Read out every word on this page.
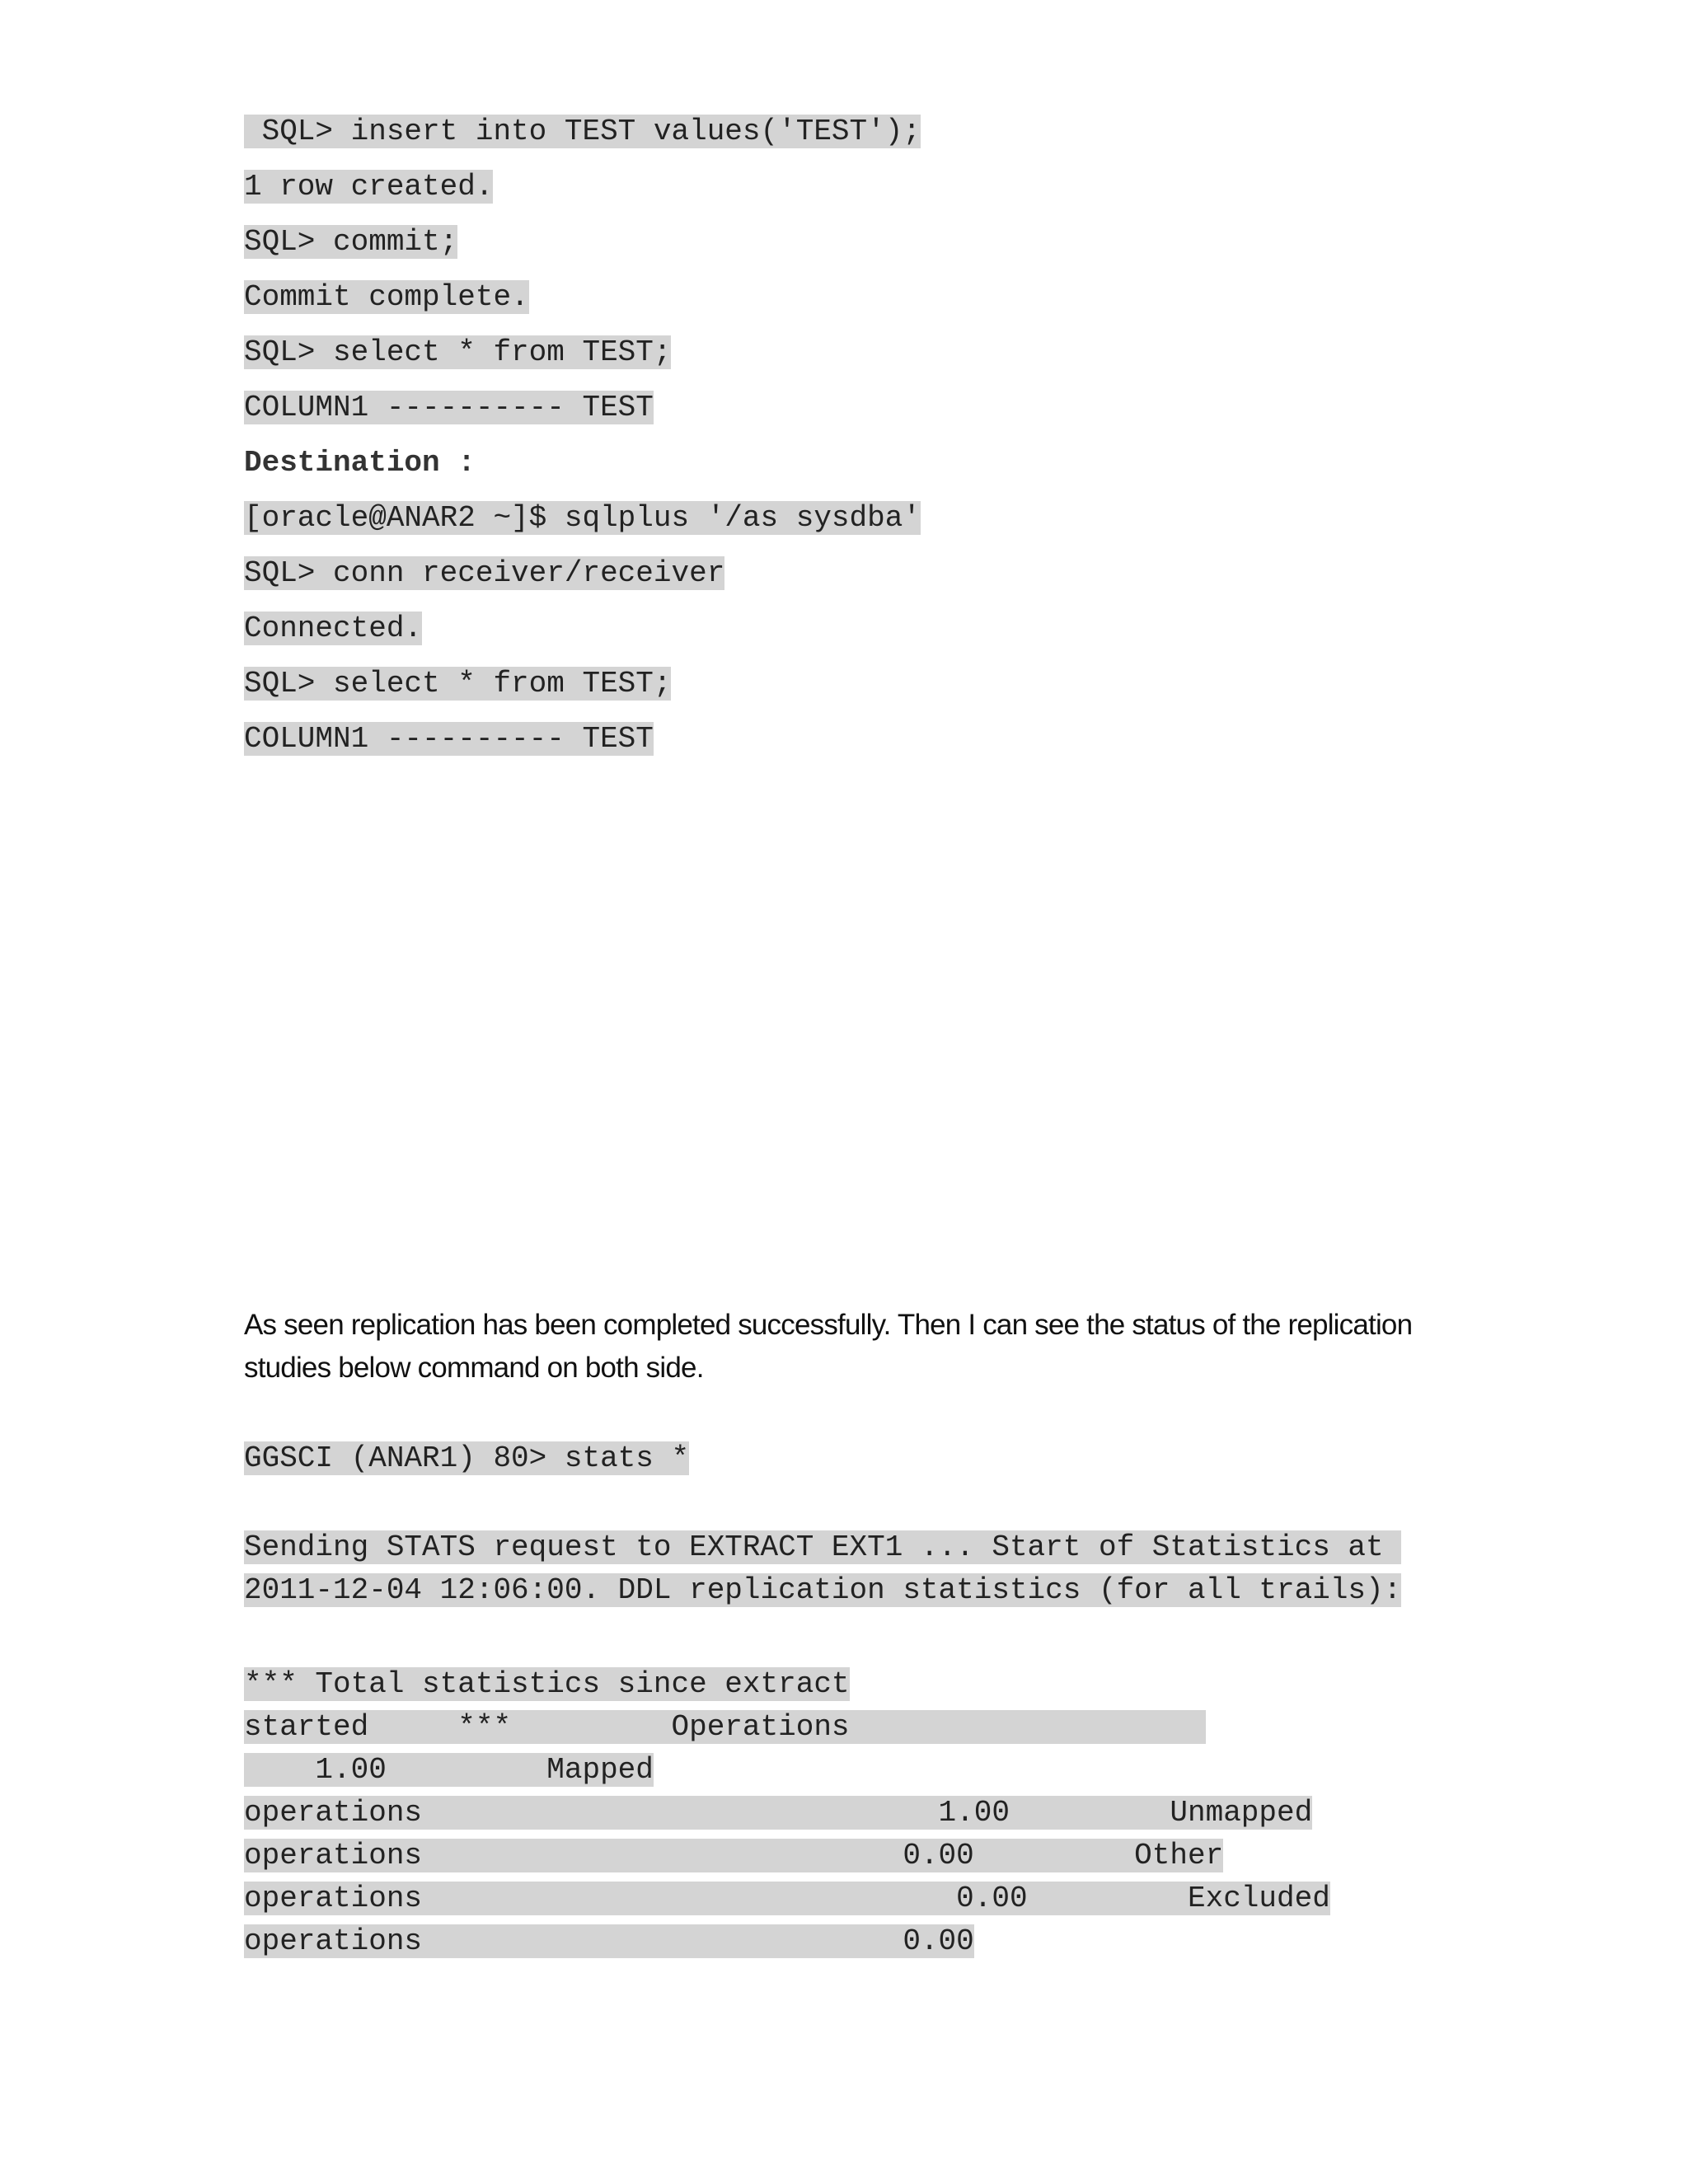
SQL> insert into TEST values('TEST');
1 row created.
SQL> commit;
Commit complete.
SQL> select * from TEST;
COLUMN1 ---------- TEST
Destination :
[oracle@ANAR2 ~]$ sqlplus '/as sysdba'
SQL> conn receiver/receiver
Connected.
SQL> select * from TEST;
COLUMN1 ---------- TEST
As seen replication has been completed successfully. Then I can see the status of the replication studies below command on both side.
GGSCI (ANAR1) 80> stats *
Sending STATS request to EXTRACT EXT1 ... Start of Statistics at
2011-12-04 12:06:00. DDL replication statistics (for all trails):
*** Total statistics since extract
started     ***         Operations
1.00         Mapped
operations                             1.00         Unmapped
operations                           0.00         Other
operations                              0.00         Excluded
operations                           0.00
